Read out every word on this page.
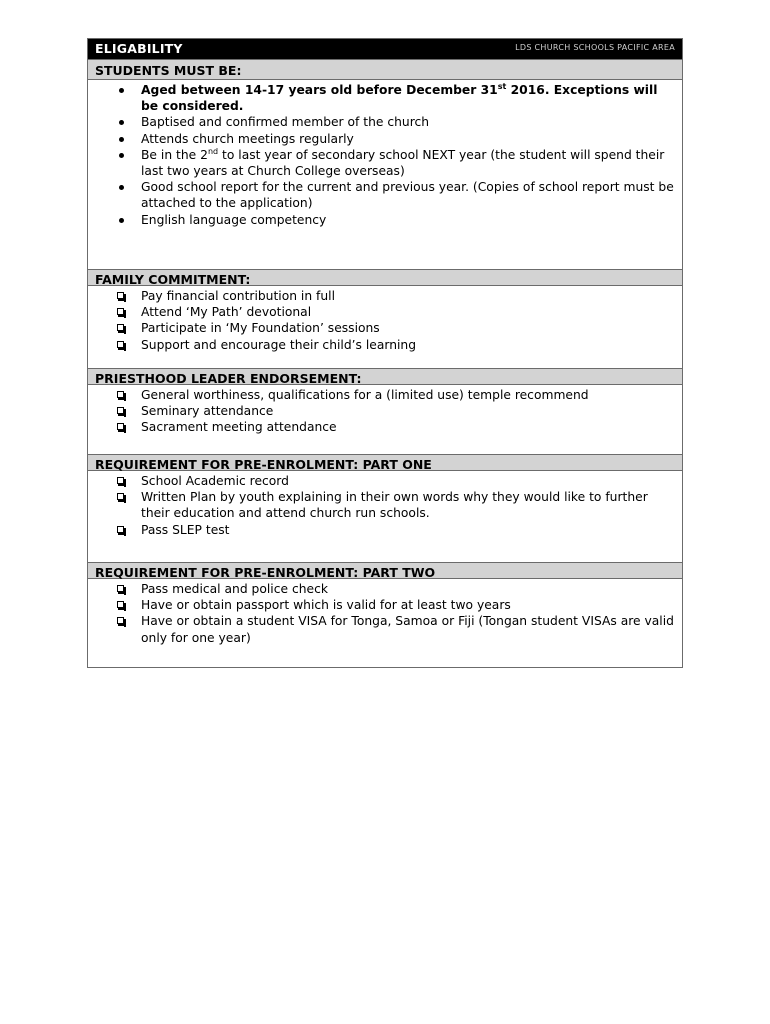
ELIGABILITY	LDS CHURCH SCHOOLS PACIFIC AREA
STUDENTS MUST BE:
Aged between 14-17 years old before December 31st 2016. Exceptions will be considered.
Baptised and confirmed member of the church
Attends church meetings regularly
Be in the 2nd to last year of secondary school NEXT year (the student will spend their last two years at Church College overseas)
Good school report for the current and previous year. (Copies of school report must be attached to the application)
English language competency
FAMILY COMMITMENT:
Pay financial contribution in full
Attend ‘My Path’ devotional
Participate in ‘My Foundation’ sessions
Support and encourage their child’s learning
PRIESTHOOD LEADER ENDORSEMENT:
General worthiness, qualifications for a (limited use) temple recommend
Seminary attendance
Sacrament meeting attendance
REQUIREMENT FOR PRE-ENROLMENT: PART ONE
School Academic record
Written Plan by youth explaining in their own words why they would like to further their education and attend church run schools.
Pass SLEP test
REQUIREMENT FOR PRE-ENROLMENT: PART TWO
Pass medical and police check
Have or obtain passport which is valid for at least two years
Have or obtain a student VISA for Tonga, Samoa or Fiji (Tongan student VISAs are valid only for one year)
